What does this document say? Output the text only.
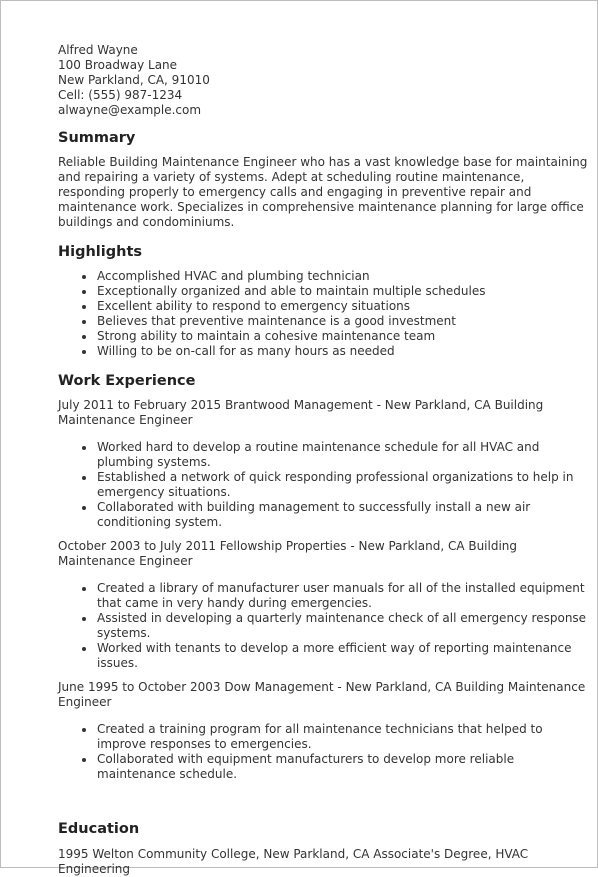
Alfred Wayne
100 Broadway Lane
New Parkland, CA, 91010
Cell: (555) 987-1234
alwayne@example.com
Summary

Reliable Building Maintenance Engineer who has a vast knowledge base for maintaining and repairing a variety of systems. Adept at scheduling routine maintenance, responding properly to emergency calls and engaging in preventive repair and maintenance work. Specializes in comprehensive maintenance planning for large office buildings and condominiums.

Highlights
Accomplished HVAC and plumbing technician
Exceptionally organized and able to maintain multiple schedules
Excellent ability to respond to emergency situations
Believes that preventive maintenance is a good investment
Strong ability to maintain a cohesive maintenance team
Willing to be on-call for as many hours as needed
Work Experience

July 2011 to February 2015 Brantwood Management - New Parkland, CA Building Maintenance Engineer

Worked hard to develop a routine maintenance schedule for all HVAC and plumbing systems.
Established a network of quick responding professional organizations to help in emergency situations.
Collaborated with building management to successfully install a new air conditioning system.

October 2003 to July 2011 Fellowship Properties - New Parkland, CA Building Maintenance Engineer

Created a library of manufacturer user manuals for all of the installed equipment that came in very handy during emergencies.
Assisted in developing a quarterly maintenance check of all emergency response systems.
Worked with tenants to develop a more efficient way of reporting maintenance issues.

June 1995 to October 2003 Dow Management - New Parkland, CA Building Maintenance Engineer

Created a training program for all maintenance technicians that helped to improve responses to emergencies.
Collaborated with equipment manufacturers to develop more reliable maintenance schedule.
Education

1995 Welton Community College, New Parkland, CA Associate's Degree, HVAC Engineering
